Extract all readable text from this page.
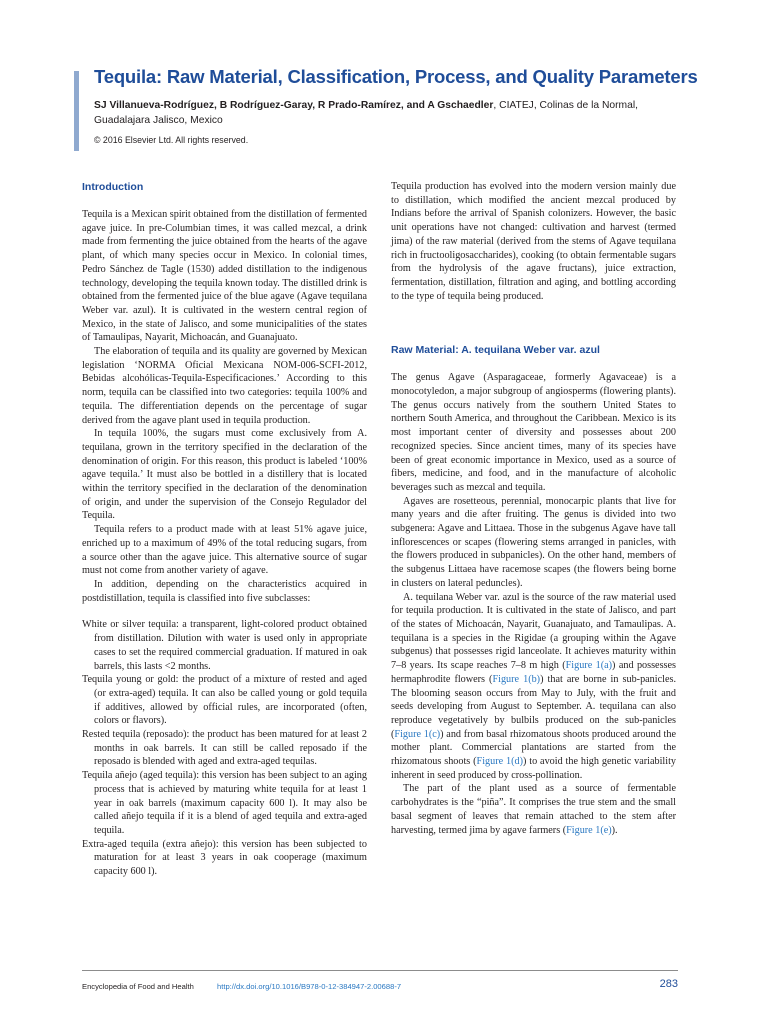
Tequila: Raw Material, Classification, Process, and Quality Parameters
SJ Villanueva-Rodríguez, B Rodríguez-Garay, R Prado-Ramírez, and A Gschaedler, CIATEJ, Colinas de la Normal, Guadalajara Jalisco, Mexico
© 2016 Elsevier Ltd. All rights reserved.
Introduction

Tequila is a Mexican spirit obtained from the distillation of fermented agave juice. In pre-Columbian times, it was called mezcal, a drink made from fermenting the juice obtained from the hearts of the agave plant, of which many species occur in Mexico. In colonial times, Pedro Sánchez de Tagle (1530) added distillation to the indigenous technology, developing the tequila known today. The distilled drink is obtained from the fermented juice of the blue agave (Agave tequilana Weber var. azul). It is cultivated in the western central region of Mexico, in the state of Jalisco, and some municipalities of the states of Tamaulipas, Nayarit, Michoacán, and Guanajuato.

The elaboration of tequila and its quality are governed by Mexican legislation ‘NORMA Oficial Mexicana NOM-006-SCFI-2012, Bebidas alcohólicas-Tequila-Especificaciones.’ According to this norm, tequila can be classified into two categories: tequila 100% and tequila. The differentiation depends on the percentage of sugar derived from the agave plant used in tequila production.

In tequila 100%, the sugars must come exclusively from A. tequilana, grown in the territory specified in the declaration of the denomination of origin. For this reason, this product is labeled ‘100% agave tequila.’ It must also be bottled in a distillery that is located within the territory specified in the declaration of the denomination of origin, and under the supervision of the Consejo Regulador del Tequila.

Tequila refers to a product made with at least 51% agave juice, enriched up to a maximum of 49% of the total reducing sugars, from a source other than the agave juice. This alternative source of sugar must not come from another variety of agave.

In addition, depending on the characteristics acquired in postdistillation, tequila is classified into five subclasses:

White or silver tequila: a transparent, light-colored product obtained from distillation. Dilution with water is used only in appropriate cases to set the required commercial graduation. If matured in oak barrels, this lasts <2 months.

Tequila young or gold: the product of a mixture of rested and aged (or extra-aged) tequila. It can also be called young or gold tequila if additives, allowed by official rules, are incorporated (often, colors or flavors).

Rested tequila (reposado): the product has been matured for at least 2 months in oak barrels. It can still be called reposado if the reposado is blended with aged and extra-aged tequilas.

Tequila añejo (aged tequila): this version has been subject to an aging process that is achieved by maturing white tequila for at least 1 year in oak barrels (maximum capacity 600 l). It may also be called añejo tequila if it is a blend of aged tequila and extra-aged tequila.

Extra-aged tequila (extra añejo): this version has been subjected to maturation for at least 3 years in oak cooperage (maximum capacity 600 l).

Tequila production has evolved into the modern version mainly due to distillation, which modified the ancient mezcal produced by Indians before the arrival of Spanish colonizers. However, the basic unit operations have not changed: cultivation and harvest (termed jima) of the raw material (derived from the stems of Agave tequilana rich in fructooligosaccharides), cooking (to obtain fermentable sugars from the hydrolysis of the agave fructans), juice extraction, fermentation, distillation, filtration and aging, and bottling according to the type of tequila being produced.

Raw Material: A. tequilana Weber var. azul

The genus Agave (Asparagaceae, formerly Agavaceae) is a monocotyledon, a major subgroup of angiosperms (flowering plants). The genus occurs natively from the southern United States to northern South America, and throughout the Caribbean. Mexico is its most important center of diversity and possesses about 200 recognized species. Since ancient times, many of its species have been of great economic importance in Mexico, used as a source of fibers, medicine, and food, and in the manufacture of alcoholic beverages such as mezcal and tequila.

Agaves are rosetteous, perennial, monocarpic plants that live for many years and die after fruiting. The genus is divided into two subgenera: Agave and Littaea. Those in the subgenus Agave have tall inflorescences or scapes (flowering stems arranged in panicles, with the flowers produced in subpanicles). On the other hand, members of the subgenus Littaea have racemose scapes (the flowers being borne in clusters on lateral peduncles).

A. tequilana Weber var. azul is the source of the raw material used for tequila production. It is cultivated in the state of Jalisco, and part of the states of Michoacán, Nayarit, Guanajuato, and Tamaulipas. A. tequilana is a species in the Rigidae (a grouping within the Agave subgenus) that possesses rigid lanceolate. It achieves maturity within 7–8 years. Its scape reaches 7–8 m high (Figure 1(a)) and possesses hermaphrodite flowers (Figure 1(b)) that are borne in sub-panicles. The blooming season occurs from May to July, with the fruit and seeds developing from August to September. A. tequilana can also reproduce vegetatively by bulbils produced on the sub-panicles (Figure 1(c)) and from basal rhizomatous shoots produced around the mother plant. Commercial plantations are started from the rhizomatous shoots (Figure 1(d)) to avoid the high genetic variability inherent in seed produced by cross-pollination.

The part of the plant used as a source of fermentable carbohydrates is the “piña”. It comprises the true stem and the small basal segment of leaves that remain attached to the stem after harvesting, termed jima by agave farmers (Figure 1(e)).

Encyclopedia of Food and Health	http://dx.doi.org/10.1016/B978-0-12-384947-2.00688-7	283
